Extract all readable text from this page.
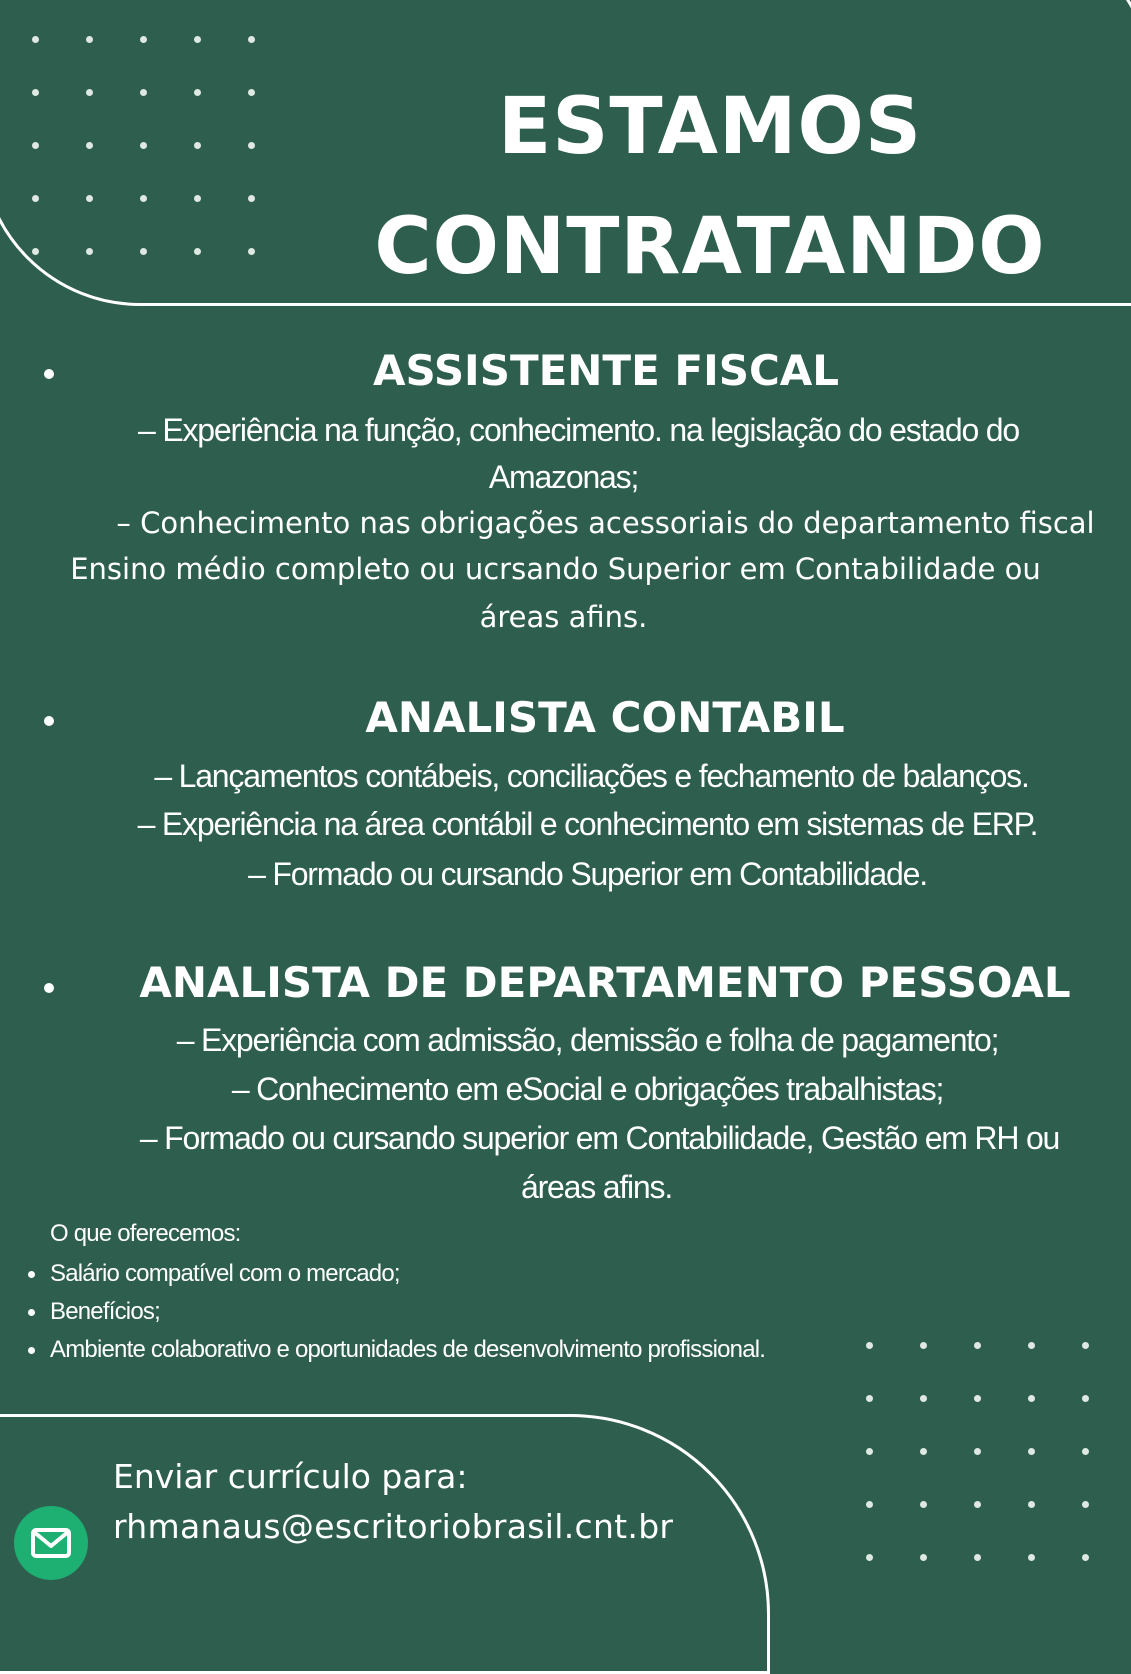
ESTAMOS
CONTRATANDO
ASSISTENTE FISCAL

– Experiência na função, conhecimento. na legislação do estado do

Amazonas;

– Conhecimento nas obrigações acessoriais do departamento fiscal

Ensino médio completo ou ucrsando Superior em Contabilidade ou

áreas afins.

ANALISTA CONTABIL

– Lançamentos contábeis, conciliações e fechamento de balanços.

– Experiência na área contábil e conhecimento em sistemas de ERP.

– Formado ou cursando Superior em Contabilidade.

ANALISTA DE DEPARTAMENTO PESSOAL

– Experiência com admissão, demissão e folha de pagamento;

– Conhecimento em eSocial e obrigações trabalhistas;

– Formado ou cursando superior em Contabilidade, Gestão em RH ou

áreas afins.

O que oferecemos:

Salário compatível com o mercado;
Benefícios;
Ambiente colaborativo e oportunidades de desenvolvimento profissional.

Enviar currículo para:

rhmanaus@escritoriobrasil.cnt.br
